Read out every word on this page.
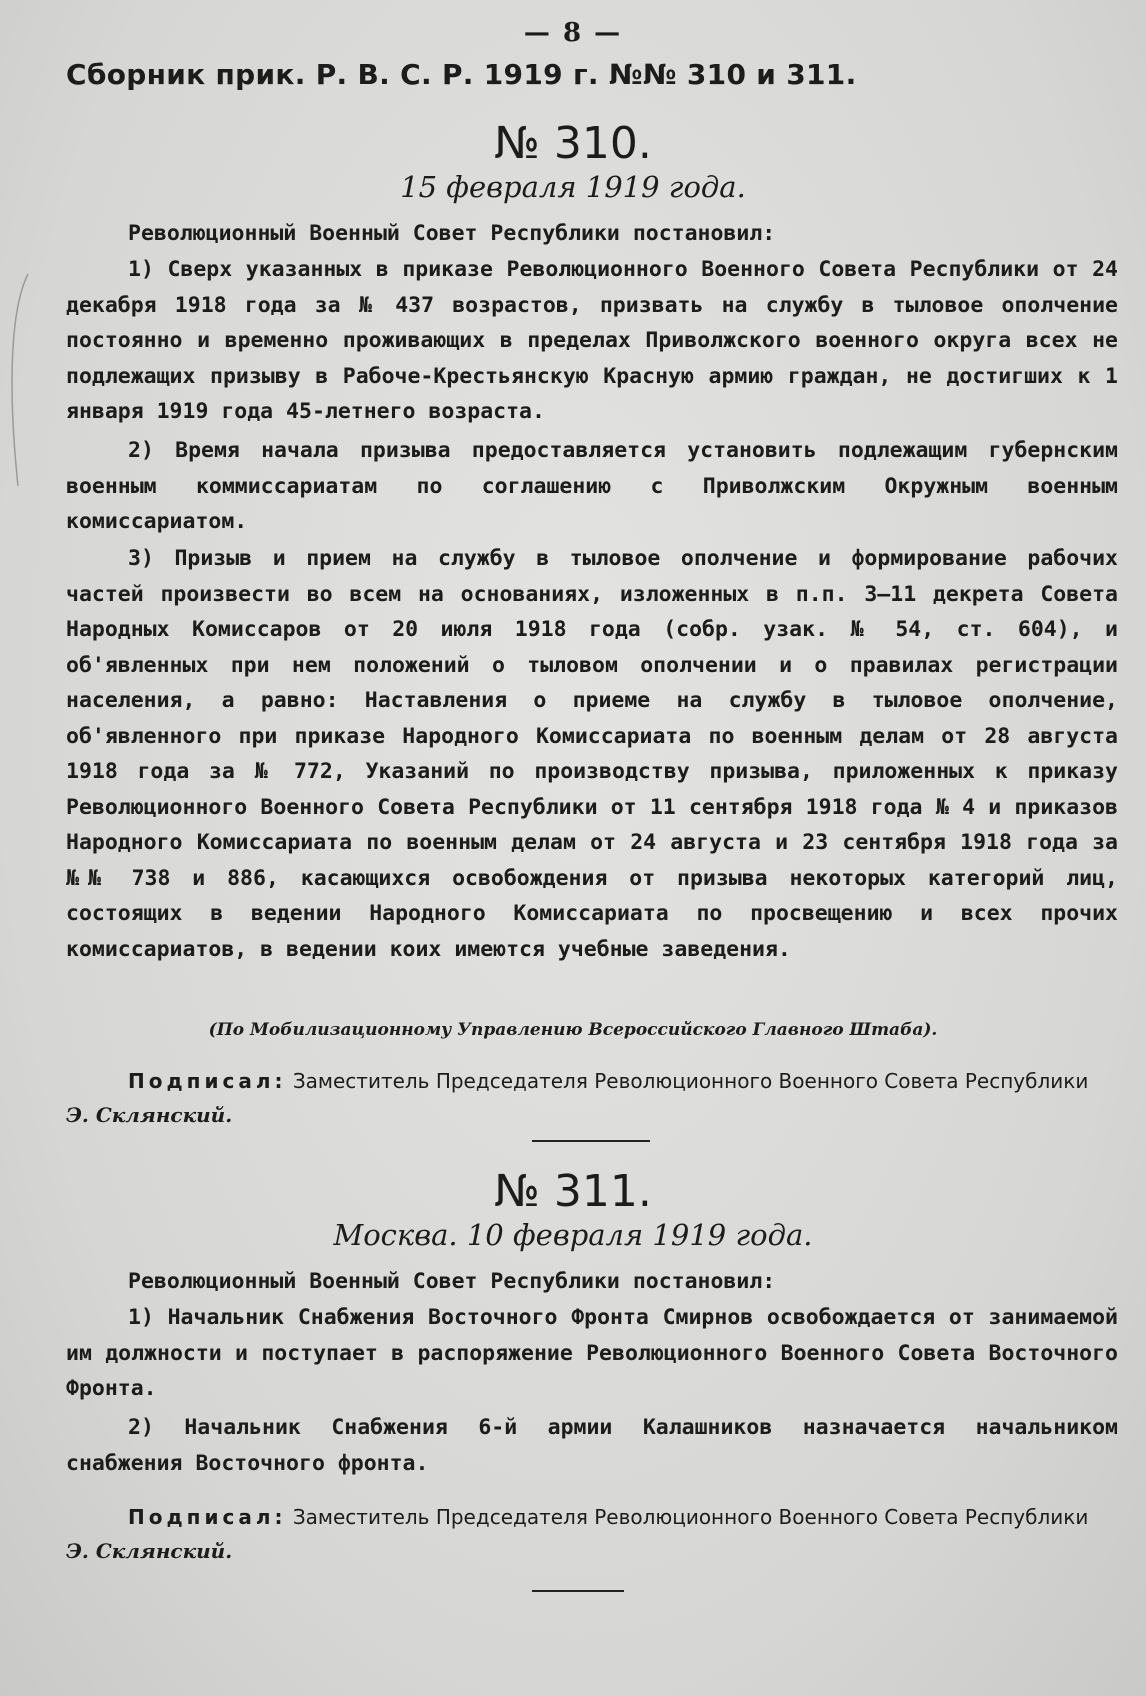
— 8 —
Сборник прик. Р. В. С. Р. 1919 г. №№ 310 и 311.
№ 310.
15 февраля 1919 года.
Революционный Военный Совет Республики постановил:
1) Сверх указанных в приказе Революционного Военного Совета Республики от 24 декабря 1918 года за № 437 возрастов, призвать на службу в тыловое ополчение постоянно и временно проживающих в пределах Приволжского военного округа всех не подлежащих призыву в Рабоче-Крестьянскую Красную армию граждан, не достигших к 1 января 1919 года 45-летнего возраста.
2) Время начала призыва предоставляется установить подлежащим губернским военным коммиссариатам по соглашению с Приволжским Окружным военным комиссариатом.
3) Призыв и прием на службу в тыловое ополчение и формирование рабочих частей произвести во всем на основаниях, изложенных в п.п. 3—11 декрета Совета Народных Комиссаров от 20 июля 1918 года (собр. узак. № 54, ст. 604), и об'явленных при нем положений о тыловом ополчении и о правилах регистрации населения, а равно: Наставления о приеме на службу в тыловое ополчение, об'явленного при приказе Народного Комиссариата по военным делам от 28 августа 1918 года за № 772, Указаний по производству призыва, приложенных к приказу Революционного Военного Совета Республики от 11 сентября 1918 года № 4 и приказов Народного Комиссариата по военным делам от 24 августа и 23 сентября 1918 года за №№ 738 и 886, касающихся освобождения от призыва некоторых категорий лиц, состоящих в ведении Народного Комиссариата по просвещению и всех прочих комиссариатов, в ведении коих имеются учебные заведения.
(По Мобилизационному Управлению Всероссийского Главного Штаба).
Подписал: Заместитель Председателя Революционного Военного Совета Республики
Э. Склянский.
№ 311.
Москва. 10 февраля 1919 года.
Революционный Военный Совет Республики постановил:
1) Начальник Снабжения Восточного Фронта Смирнов освобождается от занимаемой им должности и поступает в распоряжение Революционного Военного Совета Восточного Фронта.
2) Начальник Снабжения 6-й армии Калашников назначается начальником снабжения Восточного фронта.
Подписал: Заместитель Председателя Революционного Военного Совета Республики
Э. Склянский.
